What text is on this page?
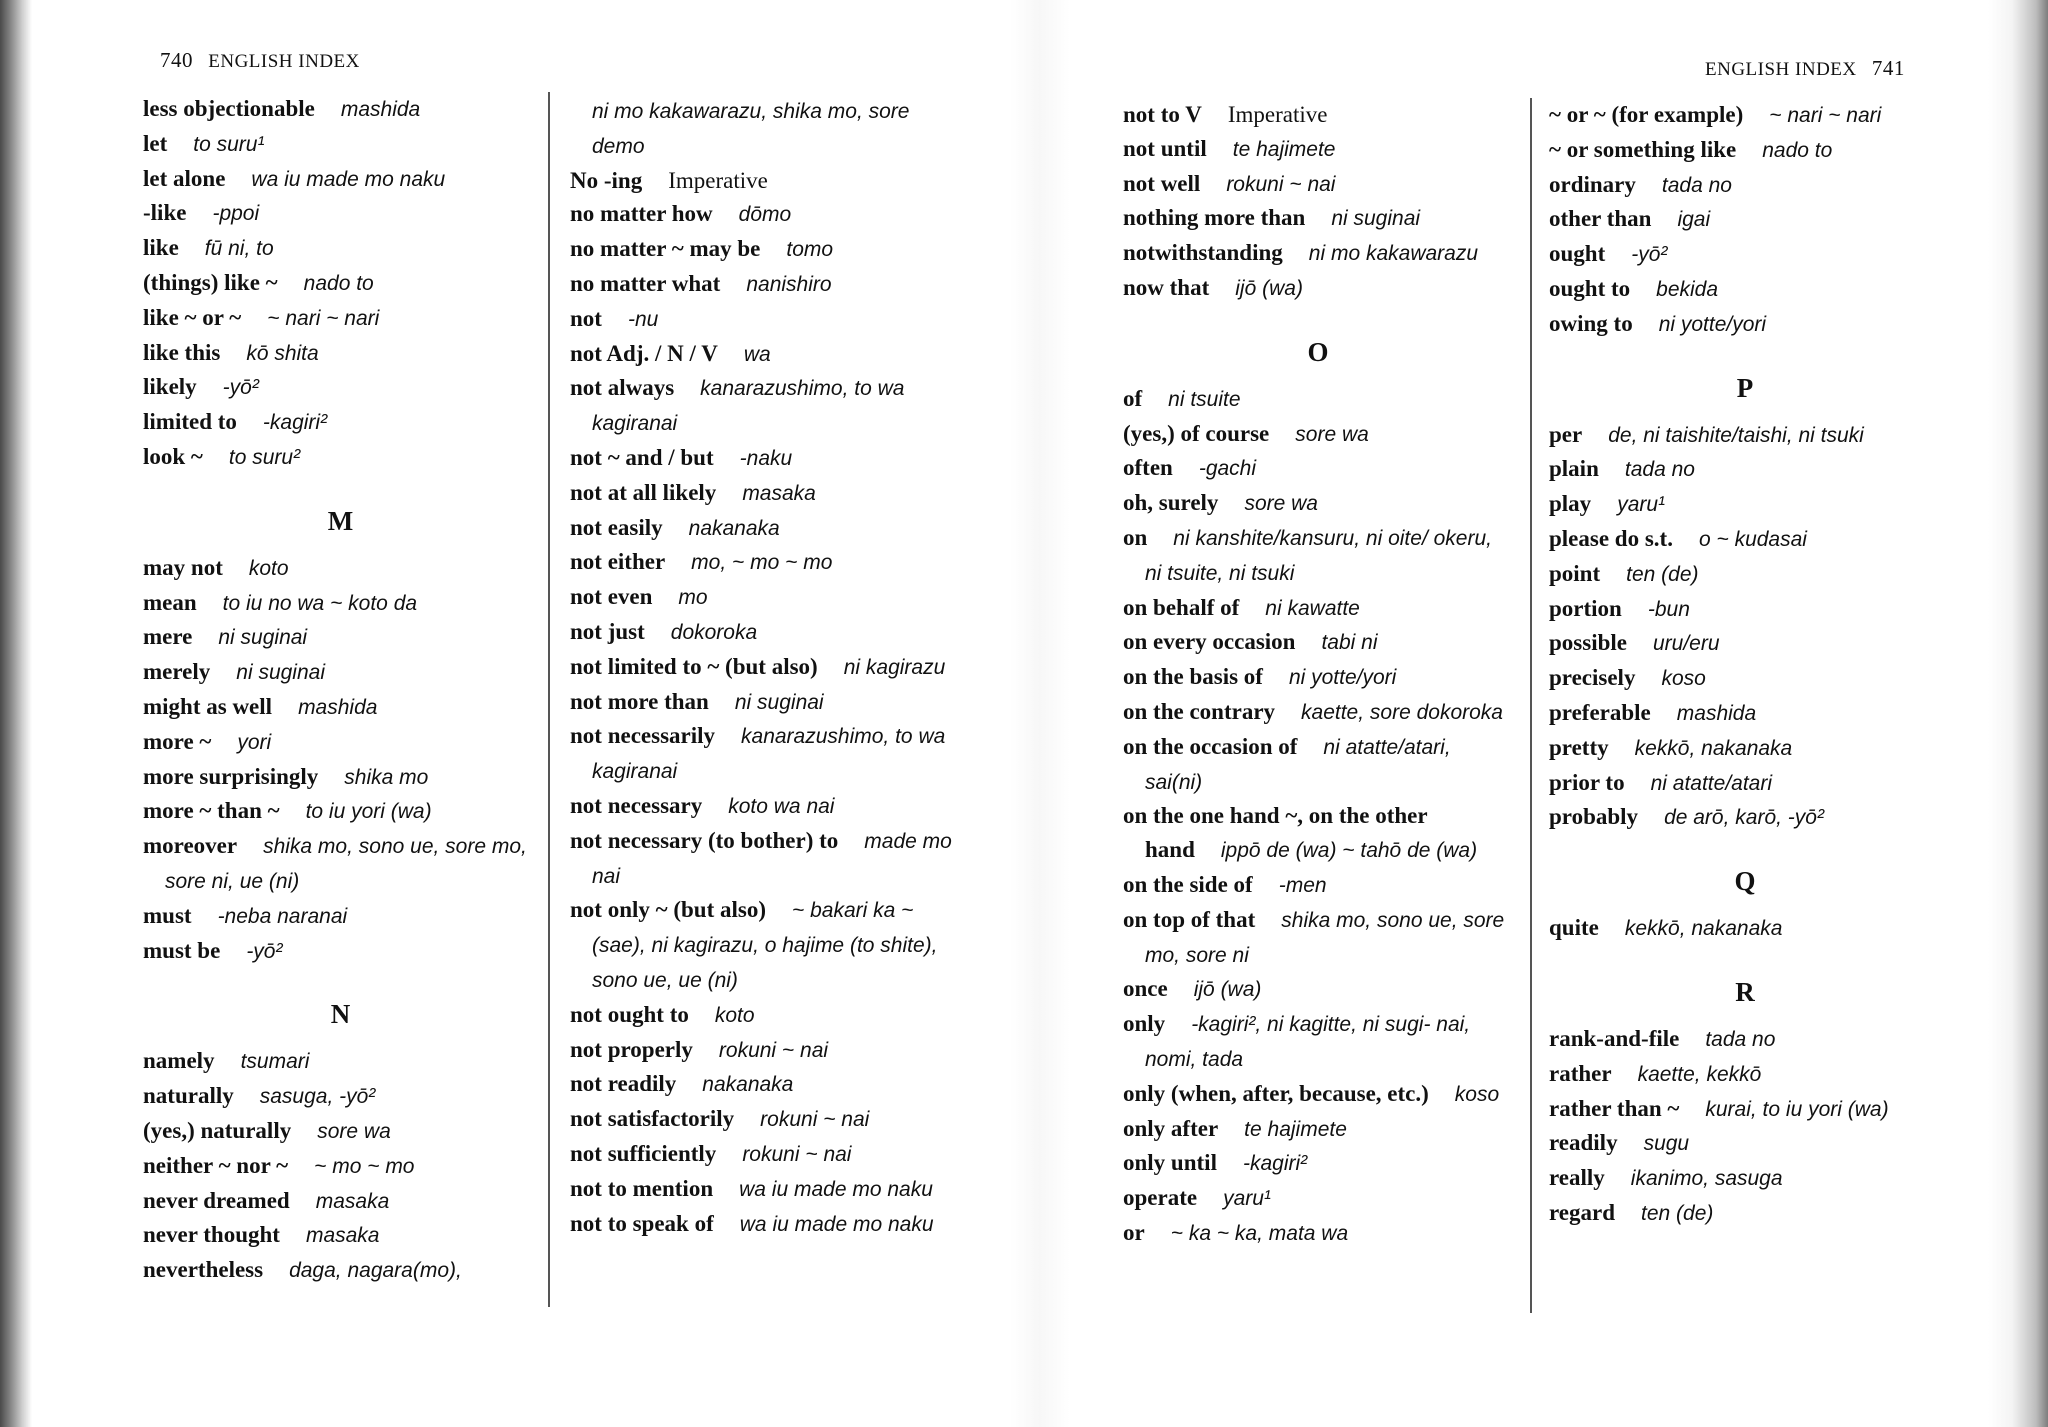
740 ENGLISH INDEX	ENGLISH INDEX 741
less objectionable mashida
let to suru¹
let alone wa iu made mo naku
-like -ppoi
like fū ni, to
(things) like ~ nado to
like ~ or ~ ~ nari ~ nari
like this kō shita
likely -yō²
limited to -kagiri²
look ~ to suru²
M
may not koto
mean to iu no wa ~ koto da
mere ni suginai
merely ni suginai
might as well mashida
more ~ yori
more surprisingly shika mo
more ~ than ~ to iu yori (wa)
moreover shika mo, sono ue, sore mo, sore ni, ue (ni)
must -neba naranai
must be -yō²
N
namely tsumari
naturally sasuga, -yō²
(yes,) naturally sore wa
neither ~ nor ~ ~ mo ~ mo
never dreamed masaka
never thought masaka
nevertheless daga, nagara(mo),
ni mo kakawarazu, shika mo, sore demo
No -ing Imperative
no matter how dōmo
no matter ~ may be tomo
no matter what nanishiro
not -nu
not Adj. / N / V wa
not always kanarazushimo, to wa kagiranai
not ~ and / but -naku
not at all likely masaka
not easily nakanaka
not either mo, ~ mo ~ mo
not even mo
not just dokoroka
not limited to ~ (but also) ni kagirazu
not more than ni suginai
not necessarily kanarazushimo, to wa kagiranai
not necessary koto wa nai
not necessary (to bother) to made mo nai
not only ~ (but also) ~ bakari ka ~ (sae), ni kagirazu, o hajime (to shite), sono ue, ue (ni)
not ought to koto
not properly rokuni ~ nai
not readily nakanaka
not satisfactorily rokuni ~ nai
not sufficiently rokuni ~ nai
not to mention wa iu made mo naku
not to speak of wa iu made mo naku
not to V Imperative
not until te hajimete
not well rokuni ~ nai
nothing more than ni suginai
notwithstanding ni mo kakawarazu
now that ijō (wa)
O
of ni tsuite
(yes,) of course sore wa
often -gachi
oh, surely sore wa
on ni kanshite/kansuru, ni oite/ okeru, ni tsuite, ni tsuki
on behalf of ni kawatte
on every occasion tabi ni
on the basis of ni yotte/yori
on the contrary kaette, sore dokoroka
on the occasion of ni atatte/atari, sai(ni)
on the one hand ~, on the other hand ippō de (wa) ~ tahō de (wa)
on the side of -men
on top of that shika mo, sono ue, sore mo, sore ni
once ijō (wa)
only -kagiri², ni kagitte, ni sugi- nai, nomi, tada
only (when, after, because, etc.) koso
only after te hajimete
only until -kagiri²
operate yaru¹
or ~ ka ~ ka, mata wa
~ or ~ (for example) ~ nari ~ nari
~ or something like nado to
ordinary tada no
other than igai
ought -yō²
ought to bekida
owing to ni yotte/yori
P
per de, ni taishite/taishi, ni tsuki
plain tada no
play yaru¹
please do s.t. o ~ kudasai
point ten (de)
portion -bun
possible uru/eru
precisely koso
preferable mashida
pretty kekkō, nakanaka
prior to ni atatte/atari
probably de arō, karō, -yō²
Q
quite kekkō, nakanaka
R
rank-and-file tada no
rather kaette, kekkō
rather than ~ kurai, to iu yori (wa)
readily sugu
really ikanimo, sasuga
regard ten (de)
